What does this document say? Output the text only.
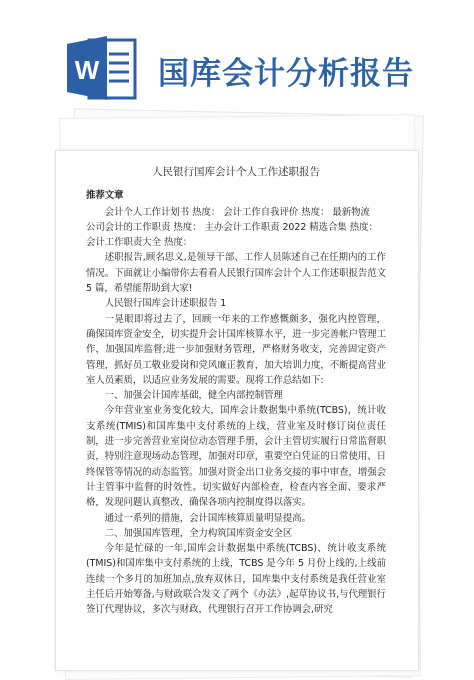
W 国库会计分析报告
人民银行国库会计个人工作述职报告

推荐文章

会计个人工作计划书 热度： 会计工作自我评价 热度： 最新物流

公司会计的工作职责 热度： 主办会计工作职责 2022 精选合集 热度：

会计工作职责大全 热度：

述职报告,顾名思义,是领导干部、工作人员陈述自己在任期内的工作情况。下面就让小编带你去看看人民银行国库会计个人工作述职报告范文 5 篇，希望能帮助到大家!

人民银行国库会计述职报告 1

一晃眼即将过去了，回顾一年来的工作感慨颇多，强化内控管理，确保国库资金安全，切实提升会计国库核算水平，进一步完善帐户管理工作，加强国库监督;进一步加强财务管理，严格财务收支，完善固定资产管理，抓好员工敬业爱岗和党风廉正教育，加大培训力度，不断提高营业室人员素质，以适应业务发展的需要。现将工作总结如下:

一、加强会计国库基础，健全内部控制管理

今年营业室业务变化较大，国库会计数据集中系统(TCBS)，统计收支系统(TMIS)和国库集中支付系统的上线，营业室及时修订岗位责任制，进一步完善营业室岗位动态管理手册，会计主管切实履行日常监督职责，特别注意现场动态管理，加强对印章，重要空白凭证的日常使用、日终保管等情况的动态监管。加强对资金出口业务交接的事中审查，增强会计主管事中监督的时效性。切实做好内部检查，检查内容全面、要求严格，发现问题认真整改，确保各项内控制度得以落实。

通过一系列的措施，会计国库核算质量明显提高。

二、加强国库管理，全力构筑国库资金安全区

今年是忙碌的一年,国库会计数据集中系统(TCBS)、统计收支系统(TMIS)和国库集中支付系统的上线，TCBS 是今年 5 月份上线的,上线前连续一个多月的加班加点,放弃双休日，国库集中支付系统是我任营业室主任后开始筹备,与财政联合发文了两个《办法》,起草协议书,与代理银行签订代理协议，多次与财政，代理银行召开工作协调会,研究
